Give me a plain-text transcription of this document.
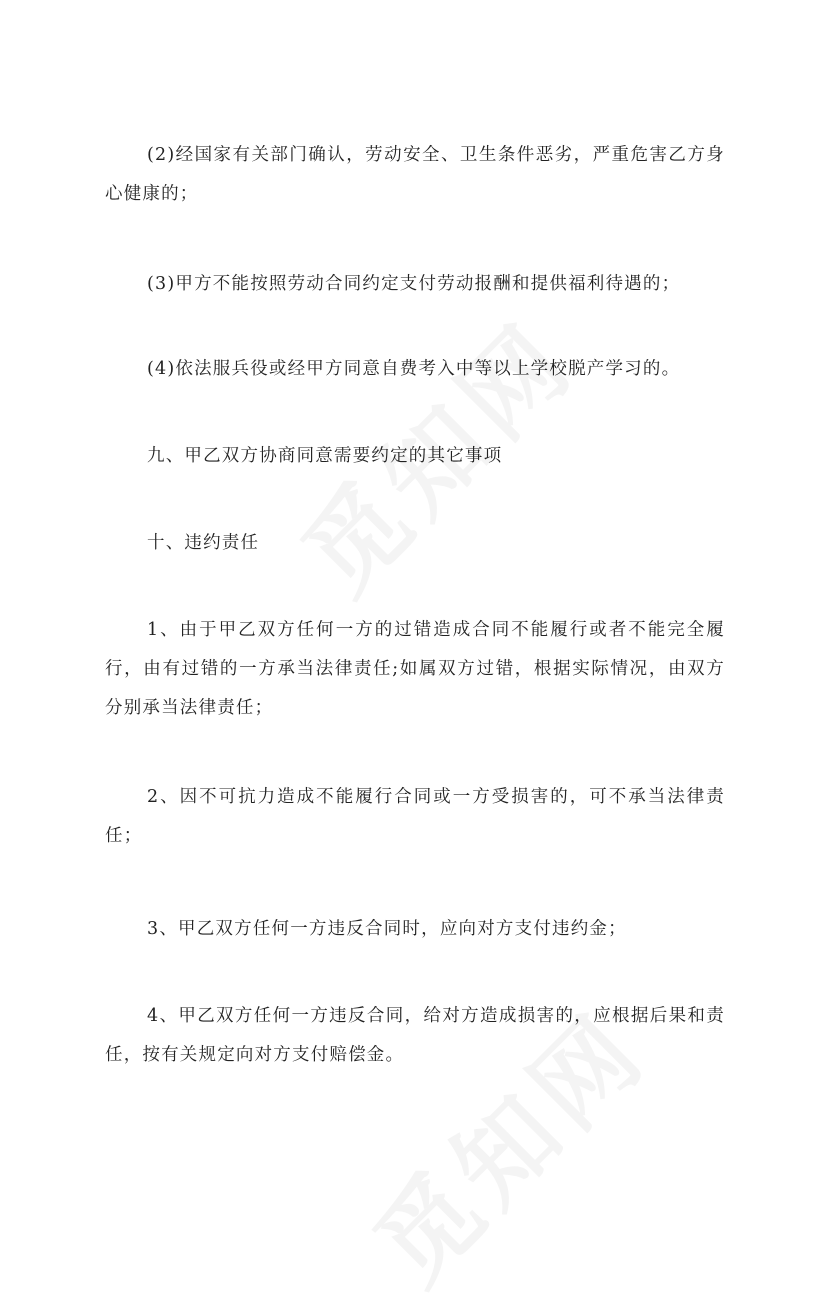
(2)经国家有关部门确认，劳动安全、卫生条件恶劣，严重危害乙方身心健康的；

(3)甲方不能按照劳动合同约定支付劳动报酬和提供福利待遇的；

(4)依法服兵役或经甲方同意自费考入中等以上学校脱产学习的。

九、甲乙双方协商同意需要约定的其它事项

十、违约责任

1、由于甲乙双方任何一方的过错造成合同不能履行或者不能完全履行，由有过错的一方承当法律责任;如属双方过错，根据实际情况，由双方分别承当法律责任；

2、因不可抗力造成不能履行合同或一方受损害的，可不承当法律责任；

3、甲乙双方任何一方违反合同时，应向对方支付违约金；

4、甲乙双方任何一方违反合同，给对方造成损害的，应根据后果和责任，按有关规定向对方支付赔偿金。
